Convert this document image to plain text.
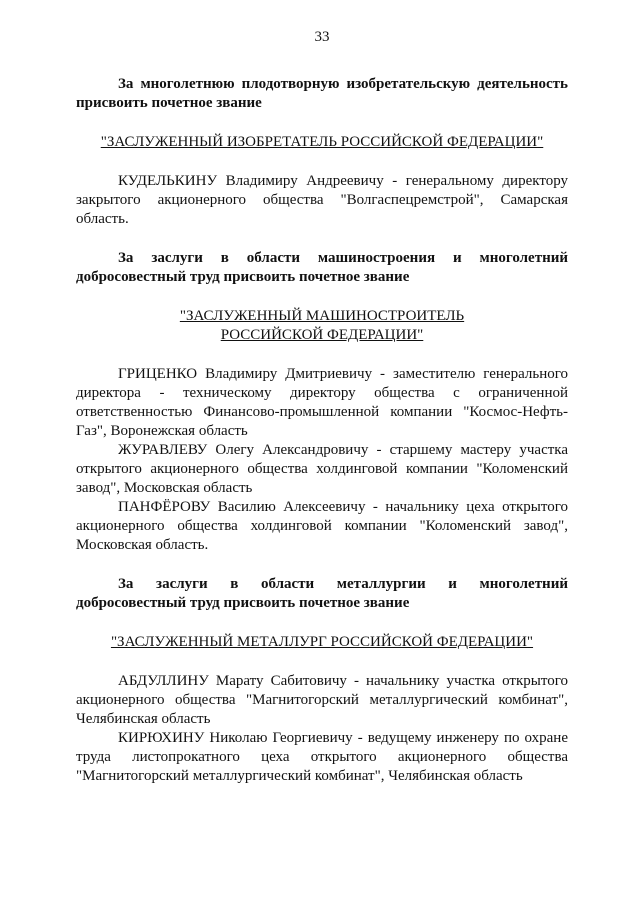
33

За многолетнюю плодотворную изобретательскую деятельность присвоить почетное звание

"ЗАСЛУЖЕННЫЙ ИЗОБРЕТАТЕЛЬ РОССИЙСКОЙ ФЕДЕРАЦИИ"

КУДЕЛЬКИНУ Владимиру Андреевичу - генеральному директору закрытого акционерного общества "Волгаспецремстрой", Самарская область.

За заслуги в области машиностроения и многолетний добросовестный труд присвоить почетное звание

"ЗАСЛУЖЕННЫЙ МАШИНОСТРОИТЕЛЬ
РОССИЙСКОЙ ФЕДЕРАЦИИ"

ГРИЦЕНКО Владимиру Дмитриевичу - заместителю генерального директора - техническому директору общества с ограниченной ответственностью Финансово-промышленной компании "Космос-Нефть-Газ", Воронежская область

ЖУРАВЛЕВУ Олегу Александровичу - старшему мастеру участка открытого акционерного общества холдинговой компании "Коломенский завод", Московская область

ПАНФЁРОВУ Василию Алексеевичу - начальнику цеха открытого акционерного общества холдинговой компании "Коломенский завод", Московская область.

За заслуги в области металлургии и многолетний добросовестный труд присвоить почетное звание

"ЗАСЛУЖЕННЫЙ МЕТАЛЛУРГ РОССИЙСКОЙ ФЕДЕРАЦИИ"

АБДУЛЛИНУ Марату Сабитовичу - начальнику участка открытого акционерного общества "Магнитогорский металлургический комбинат", Челябинская область

КИРЮХИНУ Николаю Георгиевичу - ведущему инженеру по охране труда листопрокатного цеха открытого акционерного общества "Магнитогорский металлургический комбинат", Челябинская область
